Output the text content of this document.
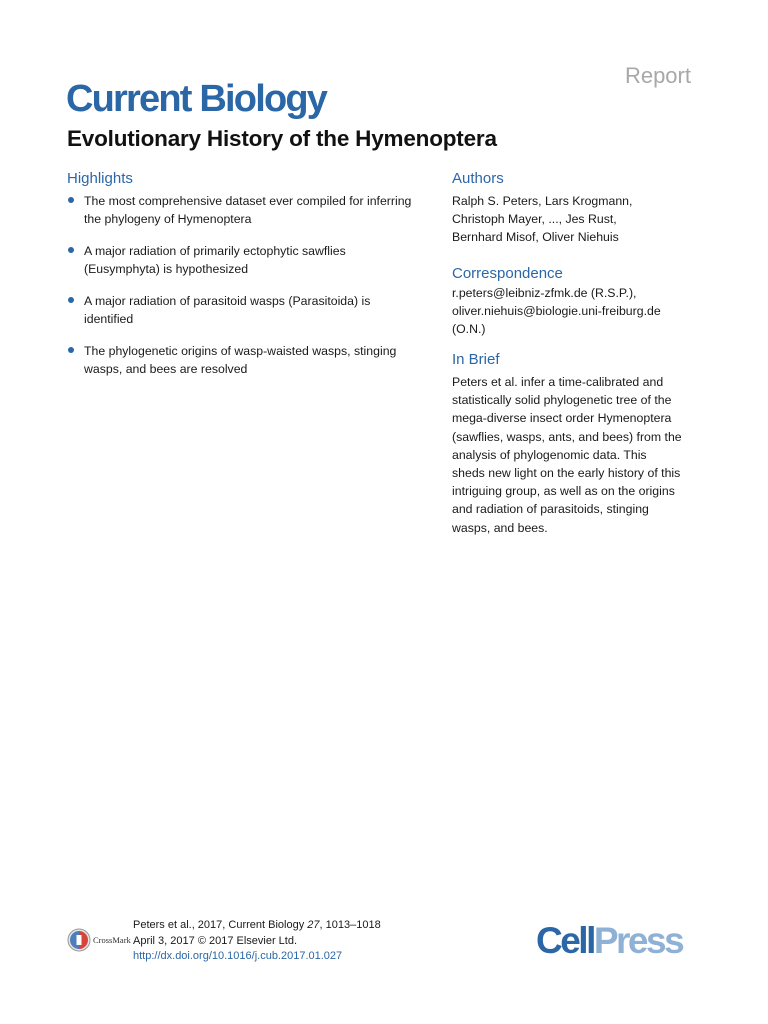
Report
Current Biology
Evolutionary History of the Hymenoptera
Highlights
The most comprehensive dataset ever compiled for inferring
the phylogeny of Hymenoptera
A major radiation of primarily ectophytic sawflies
(Eusymphyta) is hypothesized
A major radiation of parasitoid wasps (Parasitoida) is
identified
The phylogenetic origins of wasp-waisted wasps, stinging
wasps, and bees are resolved
Authors
Ralph S. Peters, Lars Krogmann,
Christoph Mayer, ..., Jes Rust,
Bernhard Misof, Oliver Niehuis
Correspondence
r.peters@leibniz-zfmk.de (R.S.P.),
oliver.niehuis@biologie.uni-freiburg.de
(O.N.)
In Brief
Peters et al. infer a time-calibrated and
statistically solid phylogenetic tree of the
mega-diverse insect order Hymenoptera
(sawflies, wasps, ants, and bees) from the
analysis of phylogenomic data. This
sheds new light on the early history of this
intriguing group, as well as on the origins
and radiation of parasitoids, stinging
wasps, and bees.
CrossMark
Peters et al., 2017, Current Biology 27, 1013–1018
April 3, 2017 © 2017 Elsevier Ltd.
http://dx.doi.org/10.1016/j.cub.2017.01.027	CellPress
